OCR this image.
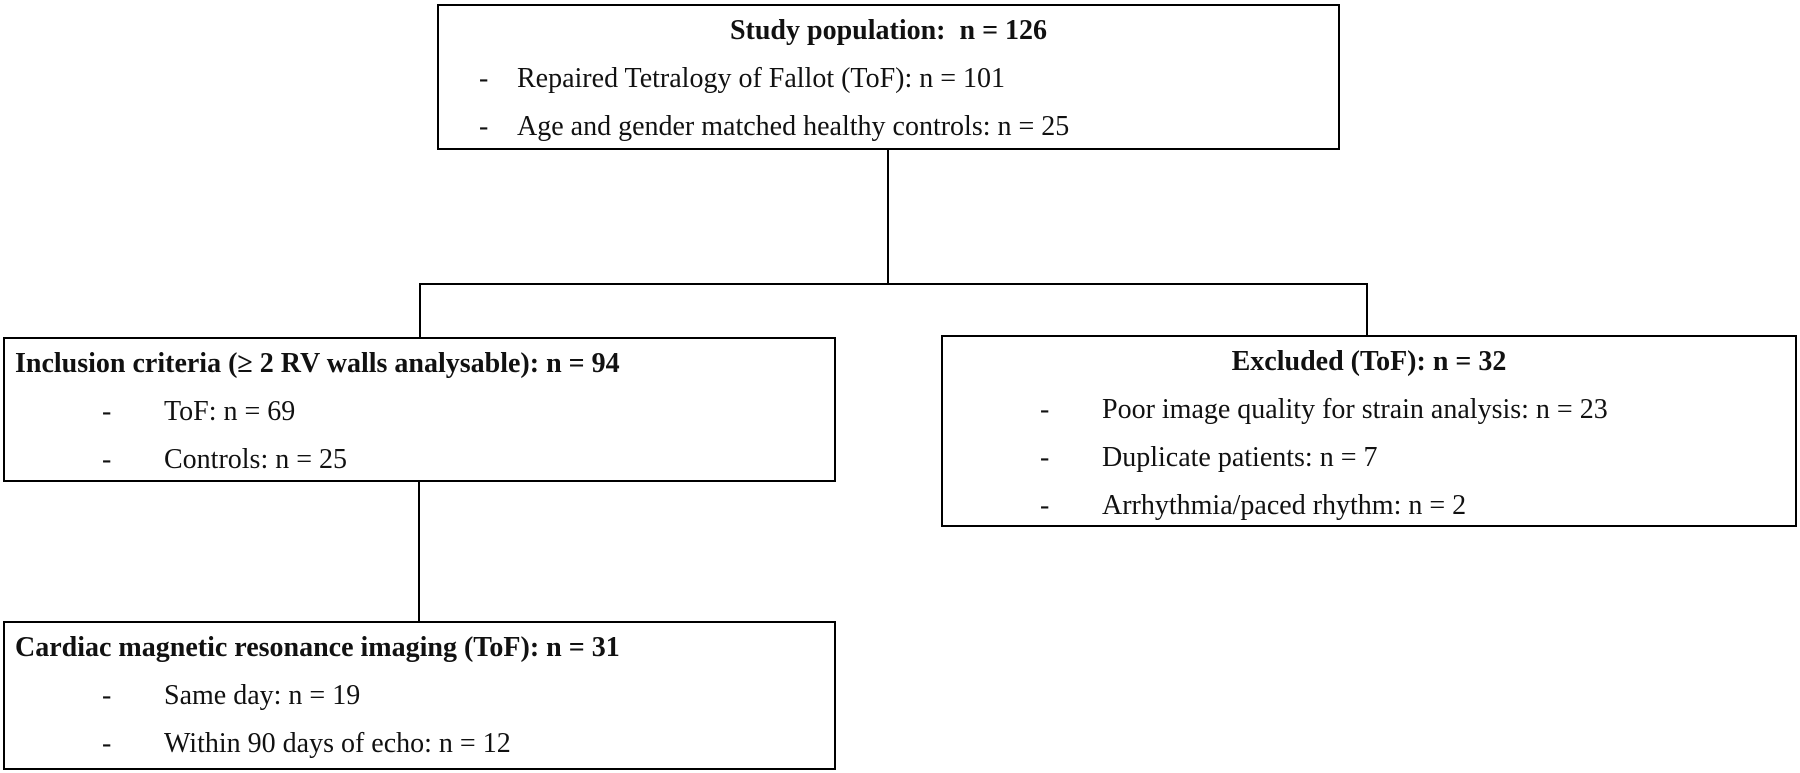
Study population:  n = 126
-	Repaired Tetralogy of Fallot (ToF): n = 101
-	Age and gender matched healthy controls: n = 25
Inclusion criteria (≥ 2 RV walls analysable): n = 94
-	ToF: n = 69
-	Controls: n = 25
Excluded (ToF): n = 32
-	Poor image quality for strain analysis: n = 23
-	Duplicate patients: n = 7
-	Arrhythmia/paced rhythm: n = 2
Cardiac magnetic resonance imaging (ToF): n = 31
-	Same day: n = 19
-	Within 90 days of echo: n = 12
